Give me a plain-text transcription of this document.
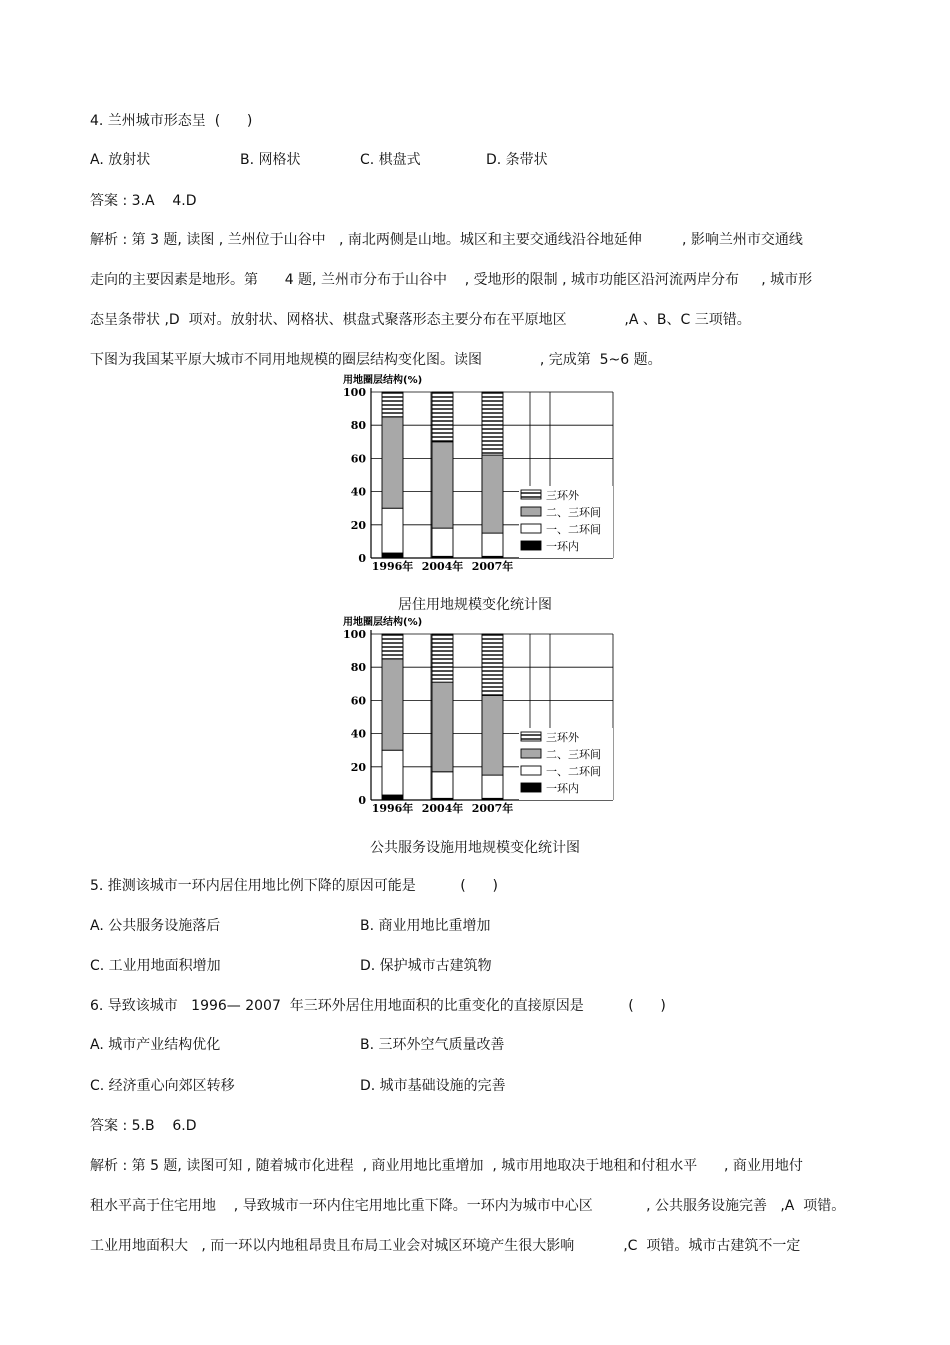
4. 兰州城市形态呈  (      )
A. 放射状	B. 网格状	C. 棋盘式	D. 条带状
答案 : 3.A    4.D
解析 : 第 3 题, 读图 , 兰州位于山谷中   , 南北两侧是山地。城区和主要交通线沿谷地延伸         , 影响兰州市交通线
走向的主要因素是地形。第      4 题, 兰州市分布于山谷中    , 受地形的限制 , 城市功能区沿河流两岸分布     , 城市形
态呈条带状 ,D  项对。放射状、网格状、棋盘式聚落形态主要分布在平原地区             ,A 、B、C 三项错。
下图为我国某平原大城市不同用地规模的圈层结构变化图。读图             , 完成第  5~6 题。
用地圈层结构(%)
0
20
40
60
80
100
1996年 2004年 2007年
三环外
二、三环间
一、二环间
一环内
居住用地规模变化统计图
用地圈层结构(%)
0
20
40
60
80
100
1996年 2004年 2007年
三环外
二、三环间
一、二环间
一环内
公共服务设施用地规模变化统计图
5. 推测该城市一环内居住用地比例下降的原因可能是          (      )
A. 公共服务设施落后	B. 商业用地比重增加
C. 工业用地面积增加	D. 保护城市古建筑物
6. 导致该城市   1996— 2007  年三环外居住用地面积的比重变化的直接原因是          (      )
A. 城市产业结构优化	B. 三环外空气质量改善
C. 经济重心向郊区转移	D. 城市基础设施的完善
答案 : 5.B    6.D
解析 : 第 5 题, 读图可知 , 随着城市化进程  , 商业用地比重增加  , 城市用地取决于地租和付租水平      , 商业用地付
租水平高于住宅用地    , 导致城市一环内住宅用地比重下降。一环内为城市中心区            , 公共服务设施完善   ,A  项错。
工业用地面积大   , 而一环以内地租昂贵且布局工业会对城区环境产生很大影响           ,C  项错。城市古建筑不一定
